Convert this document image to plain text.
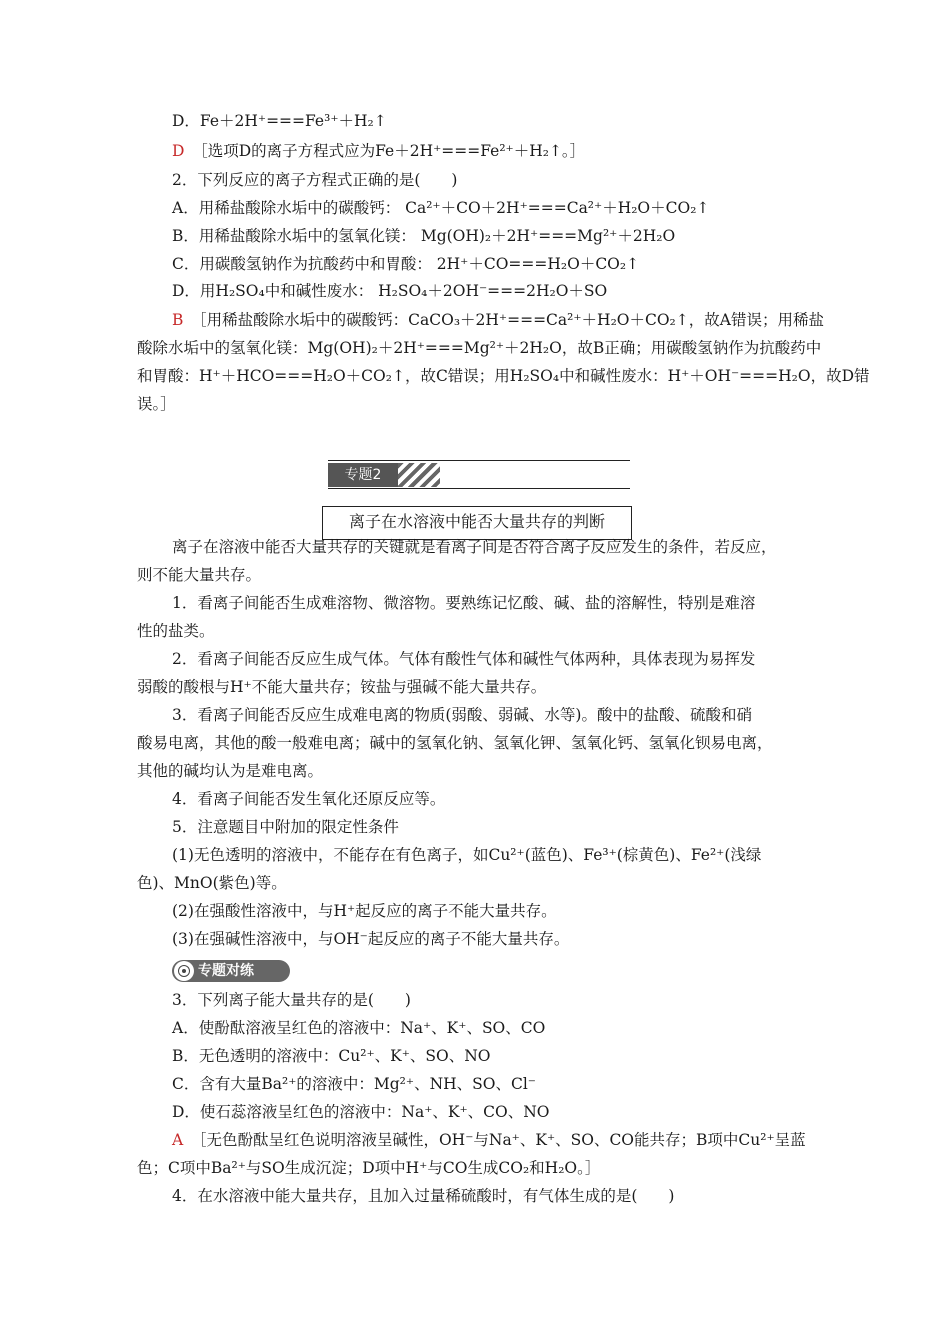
D．Fe＋2H⁺===Fe³⁺＋H₂↑
D　 ［选项D的离子方程式应为Fe＋2H⁺===Fe²⁺＋H₂↑。］
2．下列反应的离子方程式正确的是(　　)
A．用稀盐酸除水垢中的碳酸钙： Ca²⁺＋CO＋2H⁺===Ca²⁺＋H₂O＋CO₂↑
B．用稀盐酸除水垢中的氢氧化镁： Mg(OH)₂＋2H⁺===Mg²⁺＋2H₂O
C．用碳酸氢钠作为抗酸药中和胃酸： 2H⁺＋CO===H₂O＋CO₂↑
D．用H₂SO₄中和碱性废水： H₂SO₄＋2OH⁻===2H₂O＋SO
B　 ［用稀盐酸除水垢中的碳酸钙：CaCO₃＋2H⁺===Ca²⁺＋H₂O＋CO₂↑，故A错误；用稀盐
酸除水垢中的氢氧化镁：Mg(OH)₂＋2H⁺===Mg²⁺＋2H₂O，故B正确；用碳酸氢钠作为抗酸药中
和胃酸：H⁺＋HCO===H₂O＋CO₂↑，故C错误；用H₂SO₄中和碱性废水：H⁺＋OH⁻===H₂O，故D错
误。］
专题2
离子在水溶液中能否大量共存的判断
离子在溶液中能否大量共存的关键就是看离子间是否符合离子反应发生的条件，若反应，
则不能大量共存。
1．看离子间能否生成难溶物、微溶物。要熟练记忆酸、碱、盐的溶解性，特别是难溶
性的盐类。
2．看离子间能否反应生成气体。气体有酸性气体和碱性气体两种，具体表现为易挥发
弱酸的酸根与H⁺不能大量共存；铵盐与强碱不能大量共存。
3．看离子间能否反应生成难电离的物质(弱酸、弱碱、水等)。酸中的盐酸、硫酸和硝
酸易电离，其他的酸一般难电离；碱中的氢氧化钠、氢氧化钾、氢氧化钙、氢氧化钡易电离，
其他的碱均认为是难电离。
4．看离子间能否发生氧化还原反应等。
5．注意题目中附加的限定性条件
(1)无色透明的溶液中，不能存在有色离子，如Cu²⁺(蓝色)、Fe³⁺(棕黄色)、Fe²⁺(浅绿
色)、MnO(紫色)等。
(2)在强酸性溶液中，与H⁺起反应的离子不能大量共存。
(3)在强碱性溶液中，与OH⁻起反应的离子不能大量共存。
专题对练
3．下列离子能大量共存的是(　　)
A．使酚酞溶液呈红色的溶液中：Na⁺、K⁺、SO、CO
B．无色透明的溶液中：Cu²⁺、K⁺、SO、NO
C．含有大量Ba²⁺的溶液中：Mg²⁺、NH、SO、Cl⁻
D．使石蕊溶液呈红色的溶液中：Na⁺、K⁺、CO、NO
A　 ［无色酚酞呈红色说明溶液呈碱性，OH⁻与Na⁺、K⁺、SO、CO能共存；B项中Cu²⁺呈蓝
色；C项中Ba²⁺与SO生成沉淀；D项中H⁺与CO生成CO₂和H₂O。］
4．在水溶液中能大量共存，且加入过量稀硫酸时，有气体生成的是(　　)
